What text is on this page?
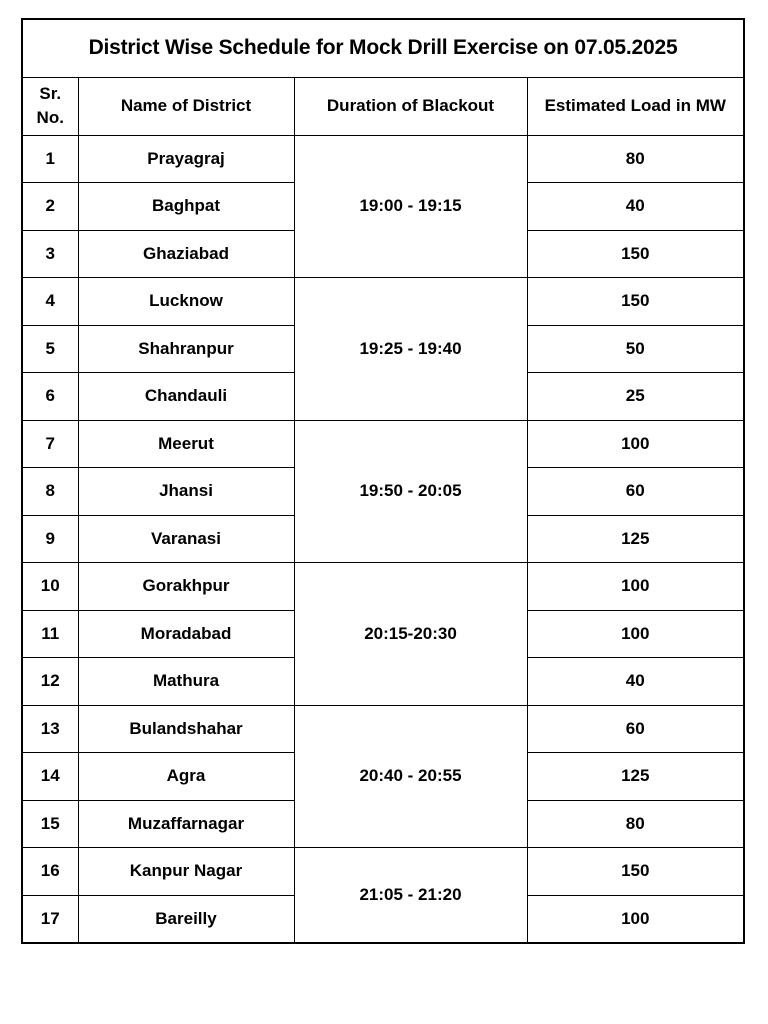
District Wise Schedule for Mock Drill Exercise on 07.05.2025			
Sr.
No.	Name of District	Duration of Blackout	Estimated Load in MW
1	Prayagraj	19:00 - 19:15	80
2	Baghpat		40
3	Ghaziabad		150
4	Lucknow	19:25 - 19:40	150
5	Shahranpur		50
6	Chandauli		25
7	Meerut	19:50 - 20:05	100
8	Jhansi		60
9	Varanasi		125
10	Gorakhpur	20:15-20:30	100
11	Moradabad		100
12	Mathura		40
13	Bulandshahar	20:40 - 20:55	60
14	Agra		125
15	Muzaffarnagar		80
16	Kanpur Nagar	21:05 - 21:20	150
17	Bareilly		100
